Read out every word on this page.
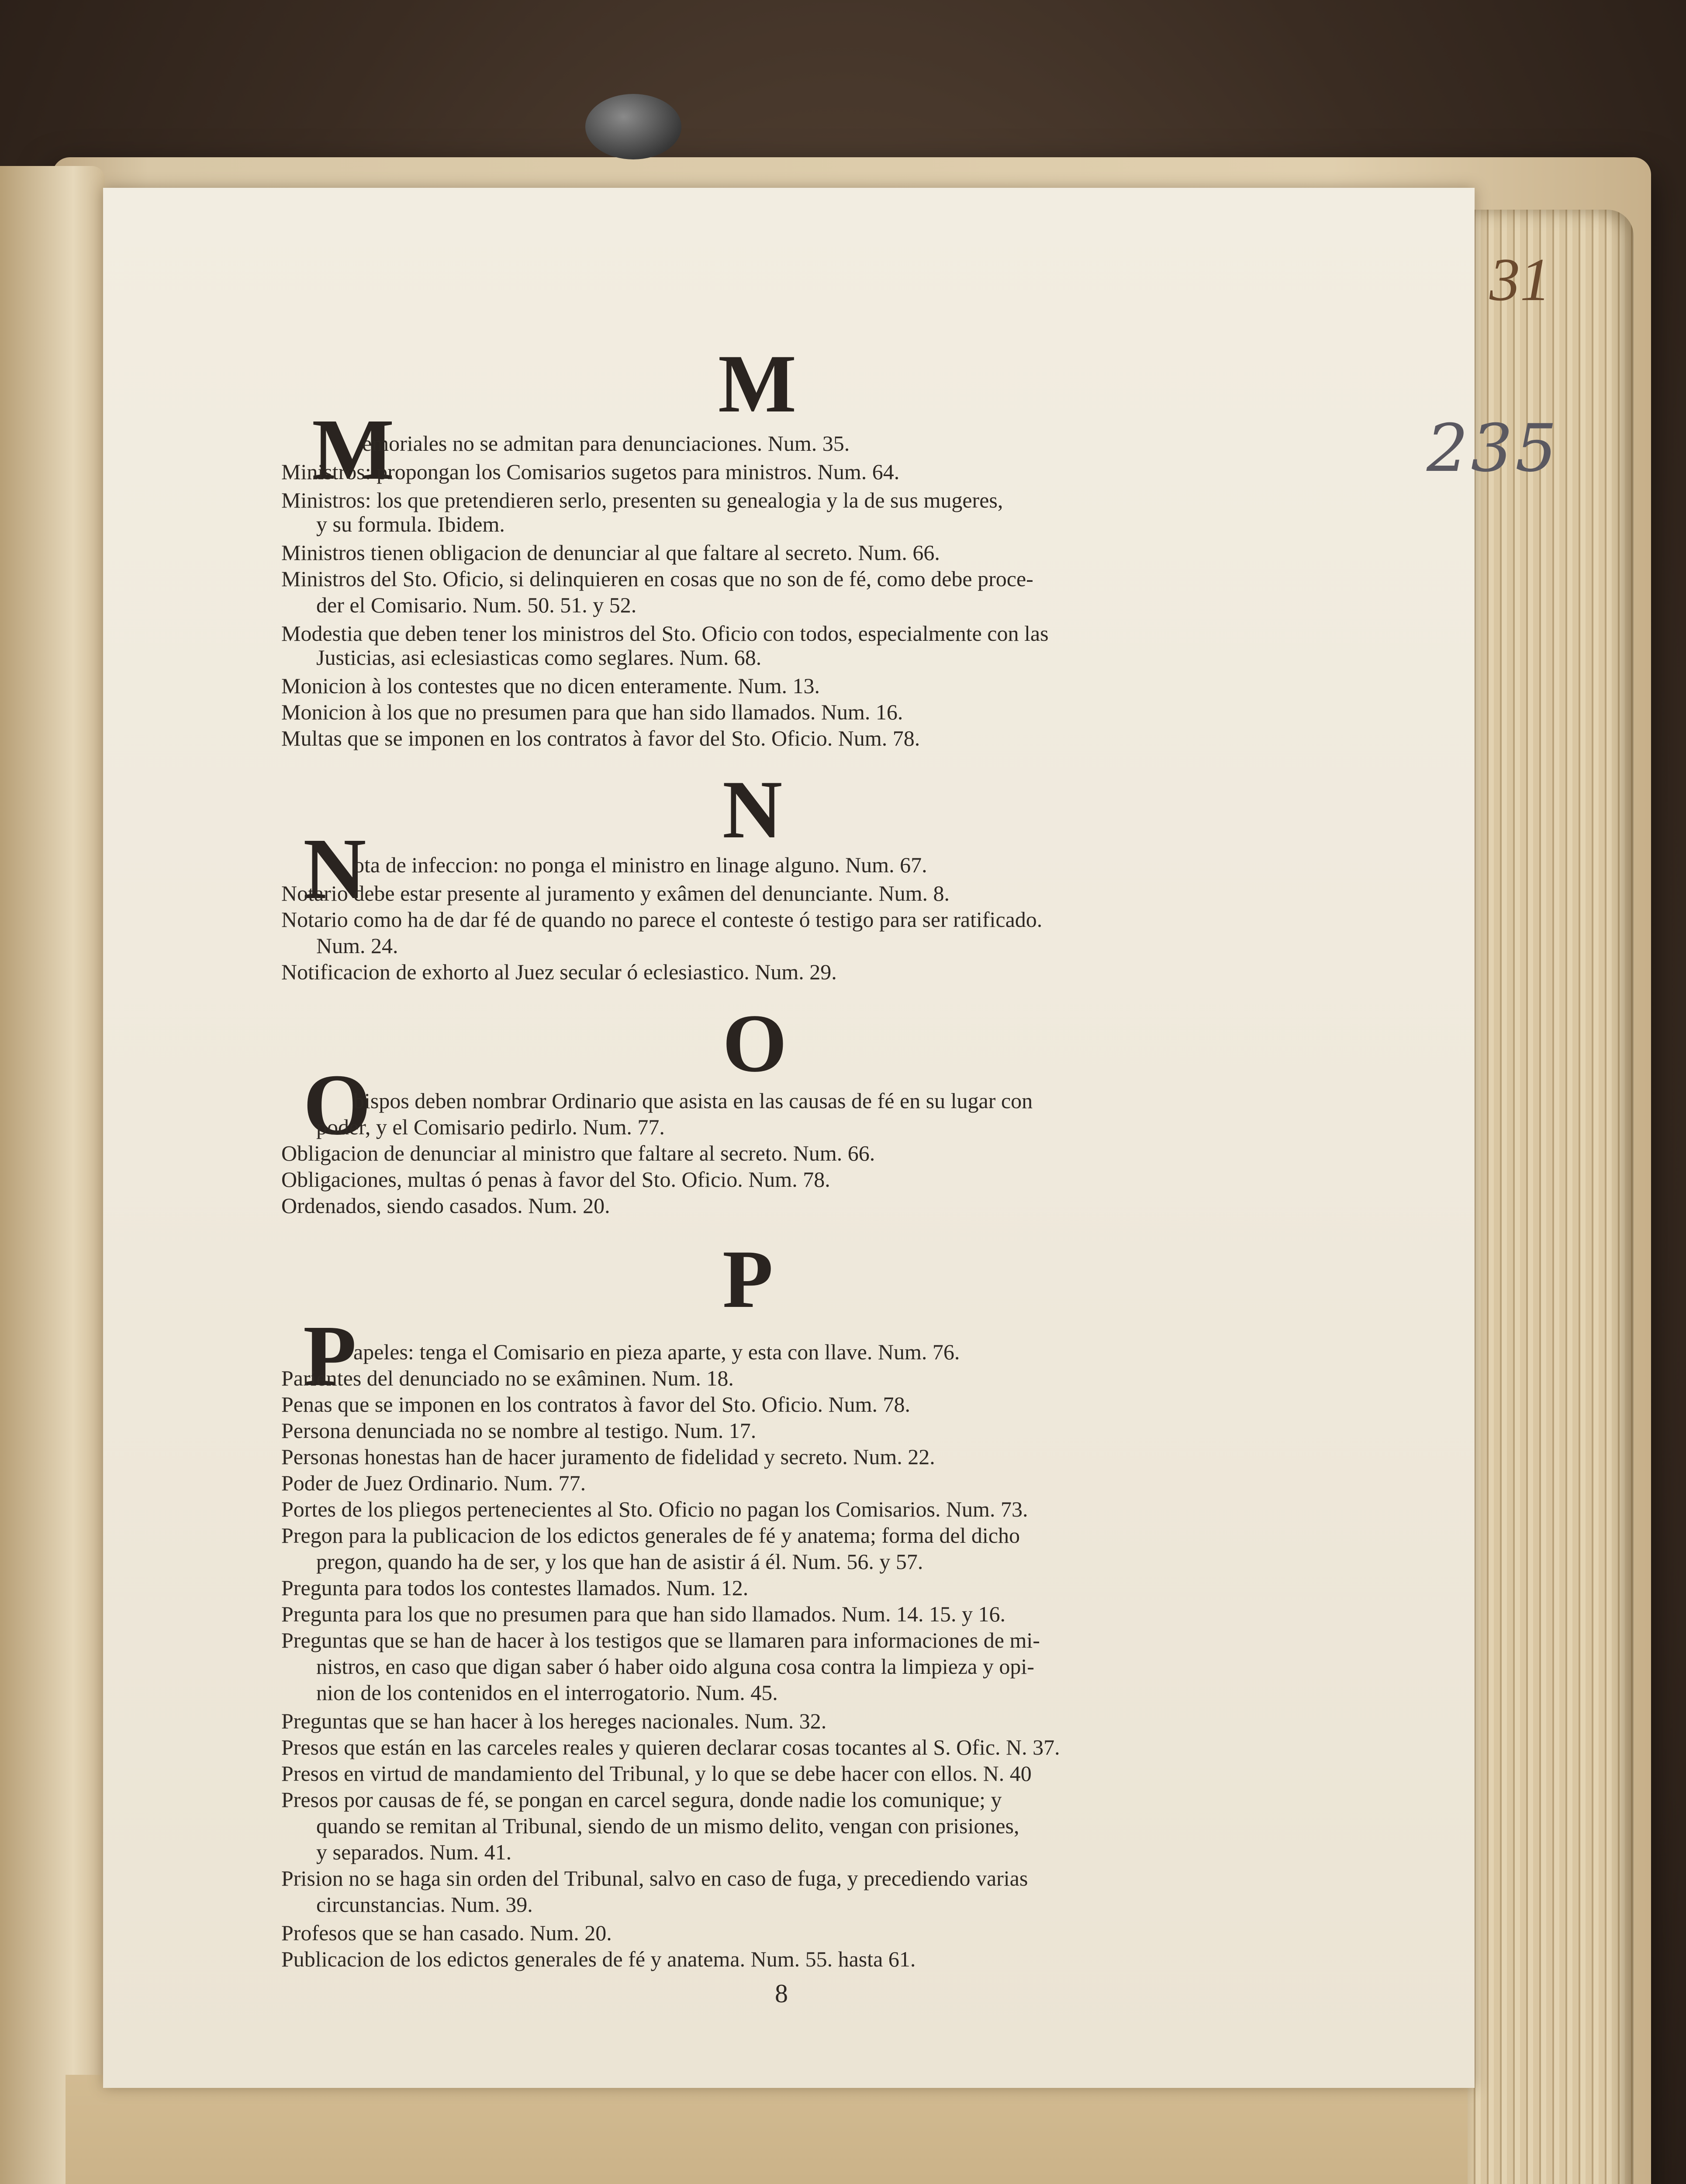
31
235
M
M
emoriales no se admitan para denunciaciones. Num. 35.
Ministros: propongan los Comisarios sugetos para ministros. Num. 64.
Ministros: los que pretendieren serlo, presenten su genealogia y la de sus mugeres,
y su formula. Ibidem.
Ministros tienen obligacion de denunciar al que faltare al secreto. Num. 66.
Ministros del Sto. Oficio, si delinquieren en cosas que no son de fé, como debe proce-
der el Comisario. Num. 50. 51. y 52.
Modestia que deben tener los ministros del Sto. Oficio con todos, especialmente con las
Justicias, asi eclesiasticas como seglares. Num. 68.
Monicion à los contestes que no dicen enteramente. Num. 13.
Monicion à los que no presumen para que han sido llamados. Num. 16.
Multas que se imponen en los contratos à favor del Sto. Oficio. Num. 78.
N
N
ota de infeccion: no ponga el ministro en linage alguno. Num. 67.
Notario debe estar presente al juramento y exâmen del denunciante. Num. 8.
Notario como ha de dar fé de quando no parece el conteste ó testigo para ser ratificado.
Num. 24.
Notificacion de exhorto al Juez secular ó eclesiastico. Num. 29.
O
O
bispos deben nombrar Ordinario que asista en las causas de fé en su lugar con
poder, y el Comisario pedirlo. Num. 77.
Obligacion de denunciar al ministro que faltare al secreto. Num. 66.
Obligaciones, multas ó penas à favor del Sto. Oficio. Num. 78.
Ordenados, siendo casados. Num. 20.
P
P
apeles: tenga el Comisario en pieza aparte, y esta con llave. Num. 76.
Parientes del denunciado no se exâminen. Num. 18.
Penas que se imponen en los contratos à favor del Sto. Oficio. Num. 78.
Persona denunciada no se nombre al testigo. Num. 17.
Personas honestas han de hacer juramento de fidelidad y secreto. Num. 22.
Poder de Juez Ordinario. Num. 77.
Portes de los pliegos pertenecientes al Sto. Oficio no pagan los Comisarios. Num. 73.
Pregon para la publicacion de los edictos generales de fé y anatema; forma del dicho
pregon, quando ha de ser, y los que han de asistir á él. Num. 56. y 57.
Pregunta para todos los contestes llamados. Num. 12.
Pregunta para los que no presumen para que han sido llamados. Num. 14. 15. y 16.
Preguntas que se han de hacer à los testigos que se llamaren para informaciones de mi-
nistros, en caso que digan saber ó haber oido alguna cosa contra la limpieza y opi-
nion de los contenidos en el interrogatorio. Num. 45.
Preguntas que se han hacer à los hereges nacionales. Num. 32.
Presos que están en las carceles reales y quieren declarar cosas tocantes al S. Ofic. N. 37.
Presos en virtud de mandamiento del Tribunal, y lo que se debe hacer con ellos. N. 40
Presos por causas de fé, se pongan en carcel segura, donde nadie los comunique; y
quando se remitan al Tribunal, siendo de un mismo delito, vengan con prisiones,
y separados. Num. 41.
Prision no se haga sin orden del Tribunal, salvo en caso de fuga, y precediendo varias
circunstancias. Num. 39.
Profesos que se han casado. Num. 20.
Publicacion de los edictos generales de fé y anatema. Num. 55. hasta 61.
8
